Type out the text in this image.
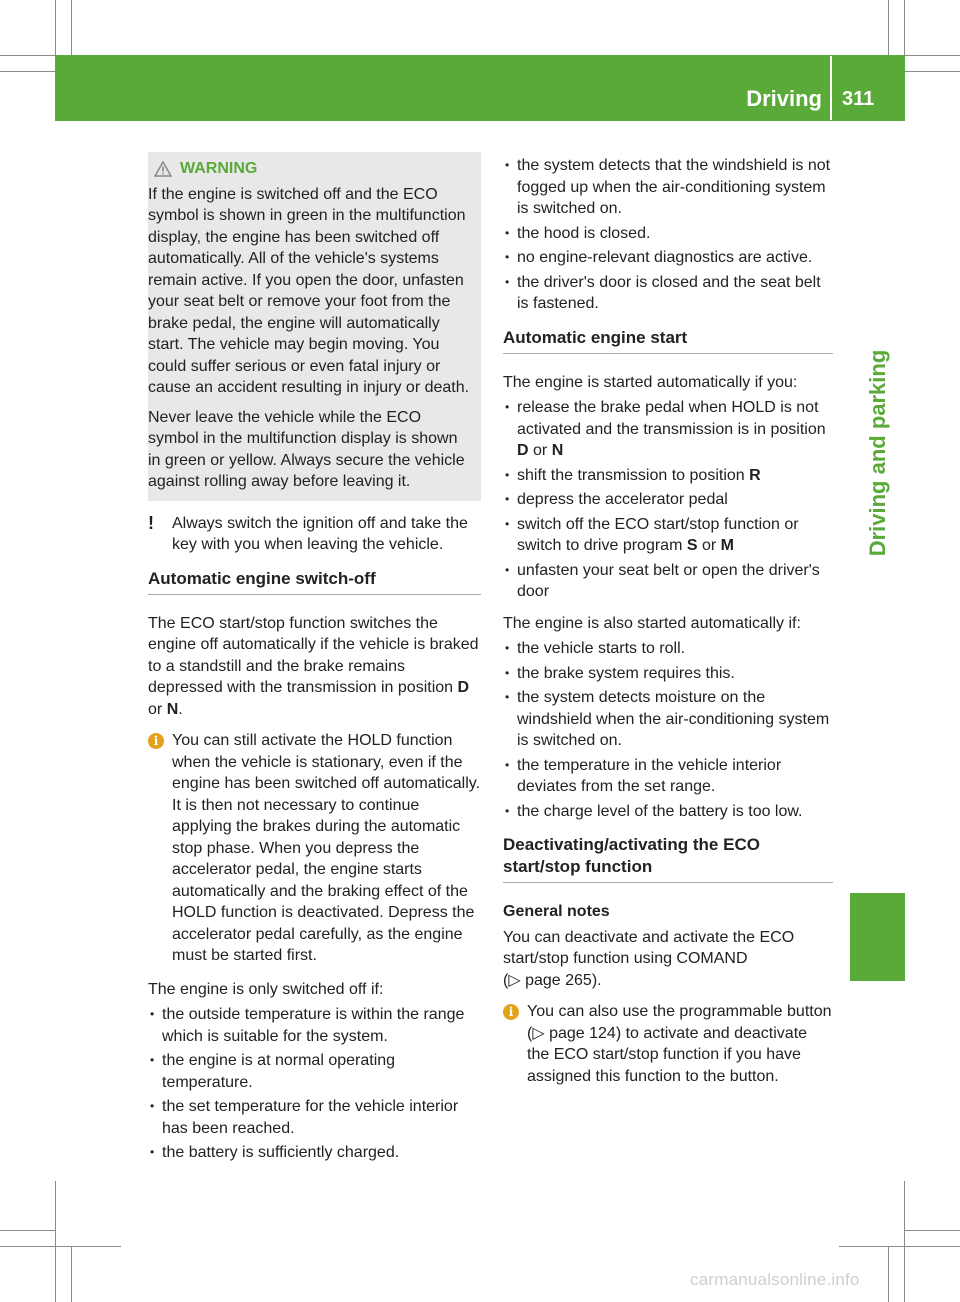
Driving 311
Driving and parking
WARNING

If the engine is switched off and the ECO symbol is shown in green in the multifunction display, the engine has been switched off automatically. All of the vehicle's systems remain active. If you open the door, unfasten your seat belt or remove your foot from the brake pedal, the engine will automatically start. The vehicle may begin moving. You could suffer serious or even fatal injury or cause an accident resulting in injury or death.

Never leave the vehicle while the ECO symbol in the multifunction display is shown in green or yellow. Always secure the vehicle against rolling away before leaving it.

!	Always switch the ignition off and take the key with you when leaving the vehicle.
Automatic engine switch-off

The ECO start/stop function switches the engine off automatically if the vehicle is braked to a standstill and the brake remains depressed with the transmission in position D or N.

i You can still activate the HOLD function when the vehicle is stationary, even if the engine has been switched off automatically. It is then not necessary to continue applying the brakes during the automatic stop phase. When you depress the accelerator pedal, the engine starts automatically and the braking effect of the HOLD function is deactivated. Depress the accelerator pedal carefully, as the engine must be started first.

The engine is only switched off if:

• the outside temperature is within the range which is suitable for the system.
• the engine is at normal operating temperature.
• the set temperature for the vehicle interior has been reached.
• the battery is sufficiently charged.
• the system detects that the windshield is not fogged up when the air-conditioning system is switched on.
• the hood is closed.
• no engine-relevant diagnostics are active.
• the driver's door is closed and the seat belt is fastened.
Automatic engine start

The engine is started automatically if you:

• release the brake pedal when HOLD is not activated and the transmission is in position D or N
• shift the transmission to position R
• depress the accelerator pedal
• switch off the ECO start/stop function or switch to drive program S or M
• unfasten your seat belt or open the driver's door

The engine is also started automatically if:

• the vehicle starts to roll.
• the brake system requires this.
• the system detects moisture on the windshield when the air-conditioning system is switched on.
• the temperature in the vehicle interior deviates from the set range.
• the charge level of the battery is too low.
Deactivating/activating the ECO start/stop function
General notes

You can deactivate and activate the ECO start/stop function using COMAND
(▷ page 265).

i You can also use the programmable button (▷ page 124) to activate and deactivate the ECO start/stop function if you have assigned this function to the button.
carmanualsonline.info
